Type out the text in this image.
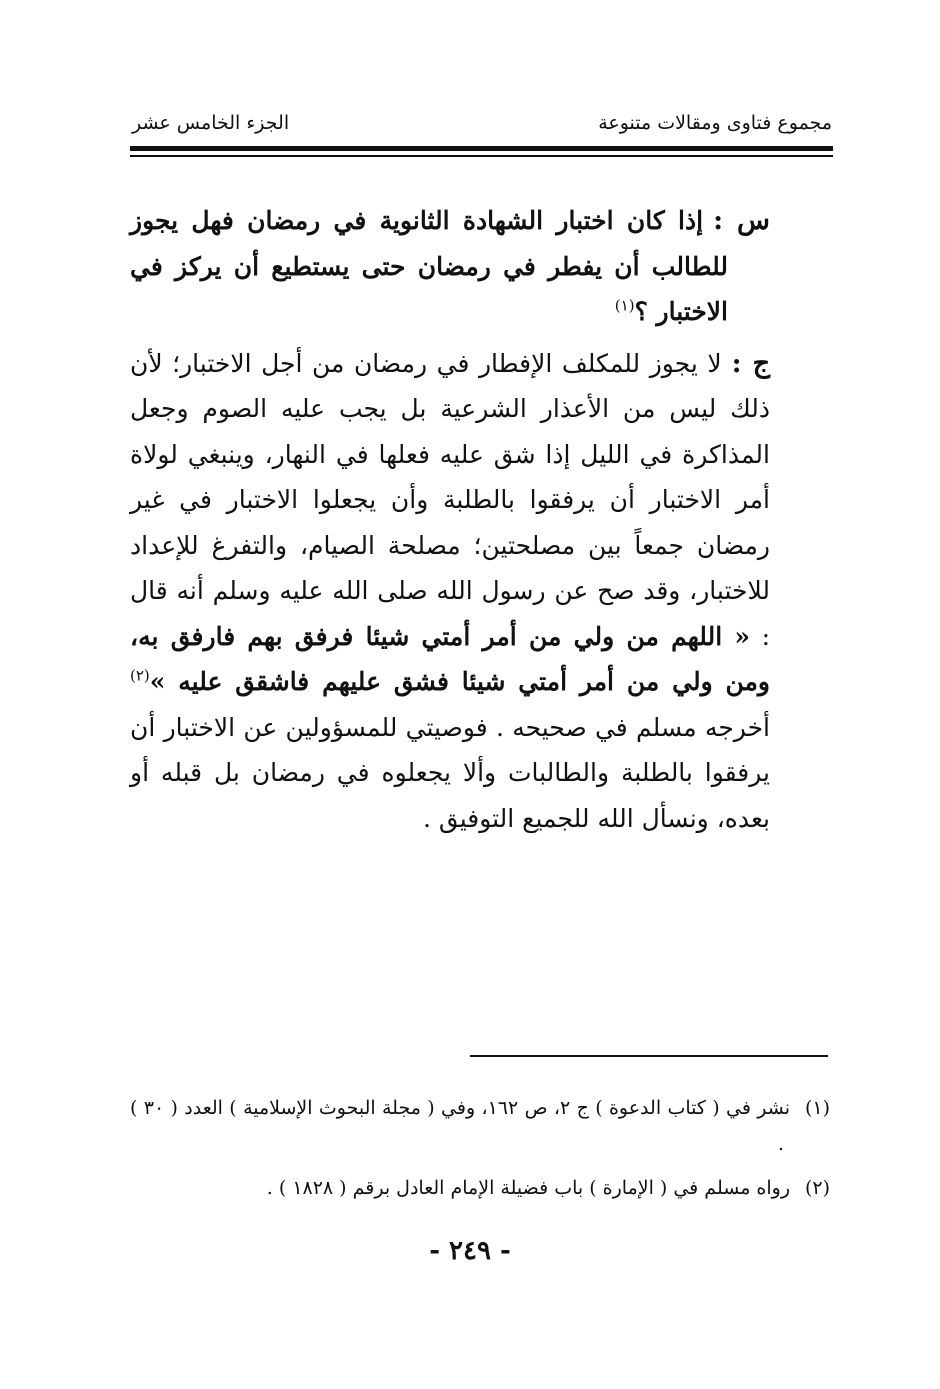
مجموع فتاوى ومقالات متنوعة
الجزء الخامس عشر

س :إذا كان اختبار الشهادة الثانوية في رمضان فهل يجوز للطالب أن يفطر في رمضان حتى يستطيع أن يركز في الاختبار ؟$^{(١)}$

ج :لا يجوز للمكلف الإفطار في رمضان من أجل الاختبار؛ لأن ذلك ليس من الأعذار الشرعية بل يجب عليه الصوم وجعل المذاكرة في الليل إذا شق عليه فعلها في النهار، وينبغي لولاة أمر الاختبار أن يرفقوا بالطلبة وأن يجعلوا الاختبار في غير رمضان جمعاً بين مصلحتين؛ مصلحة الصيام، والتفرغ للإعداد للاختبار، وقد صح عن رسول الله صلى الله عليه وسلم أنه قال : « اللهم من ولي من أمر أمتي شيئا فرفق بهم فارفق به، ومن ولي من أمر أمتي شيئا فشق عليهم فاشقق عليه »$^{(٢)}$ أخرجه مسلم في صحيحه . فوصيتي للمسؤولين عن الاختبار أن يرفقوا بالطلبة والطالبات وألا يجعلوه في رمضان بل قبله أو بعده، ونسأل الله للجميع التوفيق .

(١)نشر في ( كتاب الدعوة ) ج ٢، ص ١٦٢، وفي ( مجلة البحوث الإسلامية ) العدد ( ٣٠ ) .

(٢)رواه مسلم في ( الإمارة ) باب فضيلة الإمام العادل برقم ( ١٨٢٨ ) .

- ٢٤٩ -
